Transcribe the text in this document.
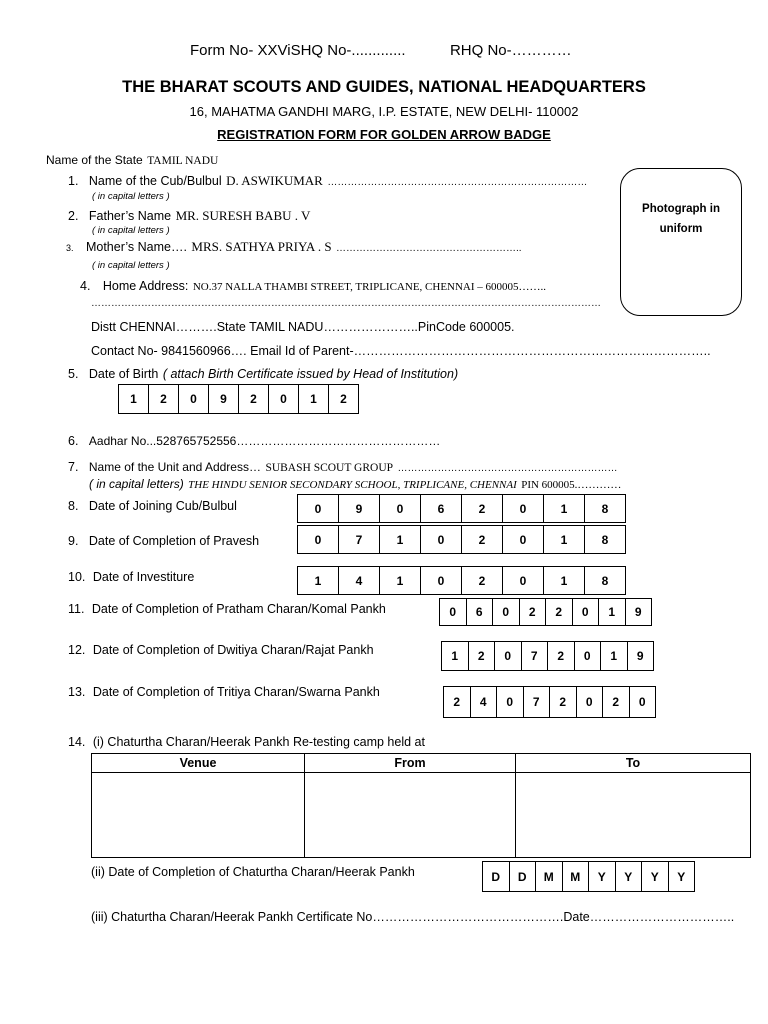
Form No- XXViSHQ No-.............	RHQ No-…………
THE BHARAT SCOUTS AND GUIDES, NATIONAL HEADQUARTERS
16, MAHATMA GANDHI MARG, I.P. ESTATE, NEW DELHI- 110002
REGISTRATION FORM FOR GOLDEN ARROW BADGE
Name of the State TAMIL NADU
Photograph in
uniform
1. Name of the Cub/Bulbul D. ASWIKUMAR ……………………………………………………………………
( in capital letters )
2. Father’s Name MR. SURESH BABU . V
( in capital letters )
3. Mother’s Name…. MRS. SATHYA PRIYA . S ………………………………………………..
( in capital letters )
4. Home Address: NO.37 NALLA THAMBI STREET, TRIPLICANE, CHENNAI – 600005……..
………………………………………………………………………………………………………………………………………
Distt CHENNAI……….State TAMIL NADU…………………..PinCode 600005.
Contact No- 9841560966…. Email Id of Parent-…………………………………………………………………………..
5. Date of Birth ( attach Birth Certificate issued by Head of Institution)
1	2	0	9	2	0	1	2
6. Aadhar No...528765752556……………………………………………
7. Name of the Unit and Address… SUBASH SCOUT GROUP …………………………………………………………
( in capital letters) THE HINDU SENIOR SECONDARY SCHOOL, TRIPLICANE, CHENNAI PIN 600005.…………
8. Date of Joining Cub/Bulbul	0	9	0	6	2	0	1	8
9. Date of Completion of Pravesh	0	7	1	0	2	0	1	8
10. Date of Investiture	1	4	1	0	2	0	1	8
11. Date of Completion of Pratham Charan/Komal Pankh	0	6	0	2	2	0	1	9
12. Date of Completion of Dwitiya Charan/Rajat Pankh	1	2	0	7	2	0	1	9
13. Date of Completion of Tritiya Charan/Swarna Pankh
2	4	0	7	2	0	2	0
14. (i) Chaturtha Charan/Heerak Pankh Re-testing camp held at
Venue	From	To

(ii) Date of Completion of Chaturtha Charan/Heerak Pankh	D	D	M	M	Y	Y	Y	Y
(iii) Chaturtha Charan/Heerak Pankh Certificate No……………………………………….Date……………………………..
